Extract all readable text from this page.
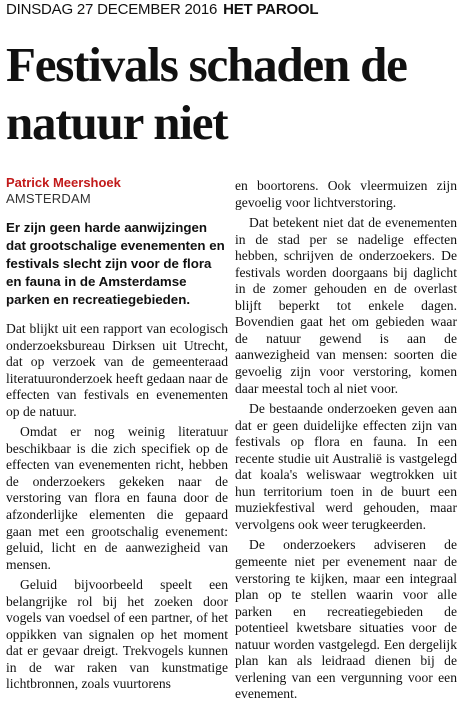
DINSDAG 27 DECEMBER 2016 HET PAROOL
Festivals schaden de natuur niet
Patrick Meershoek
AMSTERDAM
Er zijn geen harde aanwijzingen dat grootschalige evenementen en festivals slecht zijn voor de flora en fauna in de Amsterdamse parken en recreatiegebieden.

Dat blijkt uit een rapport van ecologisch onderzoeksbureau Dirksen uit Utrecht, dat op verzoek van de gemeenteraad literatuuronderzoek heeft gedaan naar de effecten van festivals en evenementen op de natuur.

Omdat er nog weinig literatuur beschikbaar is die zich specifiek op de effecten van evenementen richt, hebben de onderzoekers gekeken naar de verstoring van flora en fauna door de afzonderlijke elementen die gepaard gaan met een grootschalig evenement: geluid, licht en de aanwezigheid van mensen.

Geluid bijvoorbeeld speelt een belangrijke rol bij het zoeken door vogels van voedsel of een partner, of het oppikken van signalen op het moment dat er gevaar dreigt. Trekvogels kunnen in de war raken van kunstmatige lichtbronnen, zoals vuurtorens

en boortorens. Ook vleermuizen zijn gevoelig voor lichtverstoring.

Dat betekent niet dat de evenementen in de stad per se nadelige effecten hebben, schrijven de onderzoekers. De festivals worden doorgaans bij daglicht in de zomer gehouden en de overlast blijft beperkt tot enkele dagen. Bovendien gaat het om gebieden waar de natuur gewend is aan de aanwezigheid van mensen: soorten die gevoelig zijn voor verstoring, komen daar meestal toch al niet voor.

De bestaande onderzoeken geven aan dat er geen duidelijke effecten zijn van festivals op flora en fauna. In een recente studie uit Australië is vastgelegd dat koala's weliswaar wegtrokken uit hun territorium toen in de buurt een muziekfestival werd gehouden, maar vervolgens ook weer terugkeerden.

De onderzoekers adviseren de gemeente niet per evenement naar de verstoring te kijken, maar een integraal plan op te stellen waarin voor alle parken en recreatiegebieden de potentieel kwetsbare situaties voor de natuur worden vastgelegd. Een dergelijk plan kan als leidraad dienen bij de verlening van een vergunning voor een evenement.
